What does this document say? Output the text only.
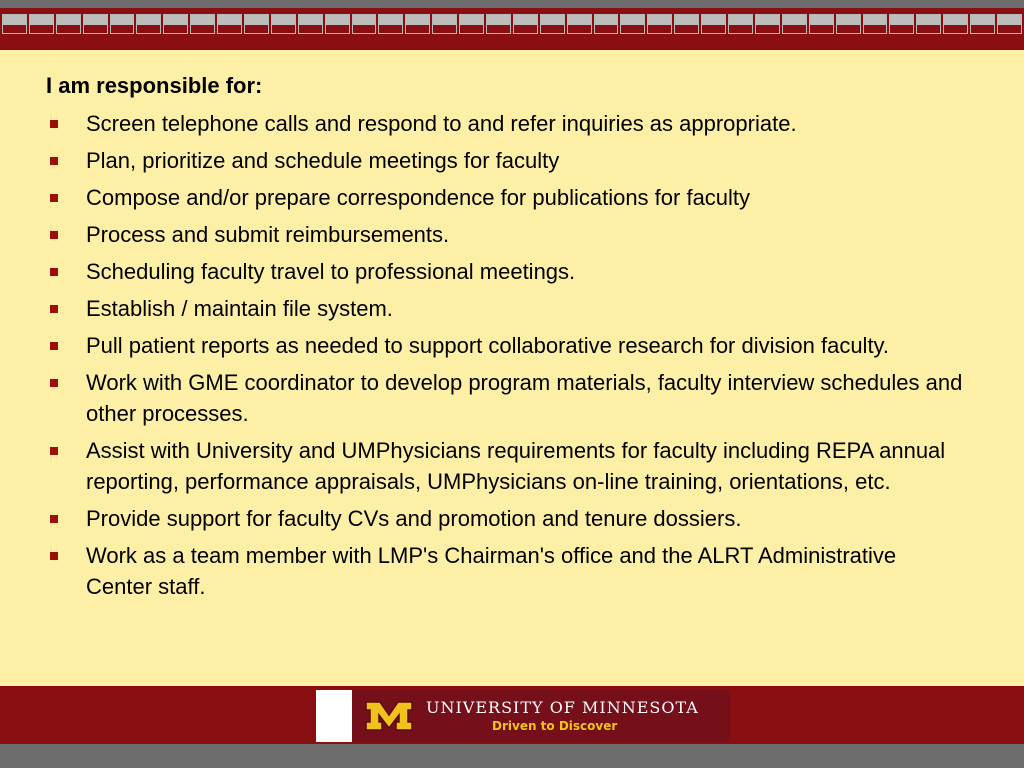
I am responsible for:
Screen telephone calls and respond to and refer inquiries as appropriate.
Plan, prioritize and schedule meetings for faculty
Compose and/or prepare correspondence for publications for faculty
Process and submit reimbursements.
Scheduling faculty travel to professional meetings.
Establish / maintain file system.
Pull patient reports as needed to support collaborative research for division faculty.
Work with GME coordinator to develop program materials, faculty interview schedules and other processes.
Assist with University and UMPhysicians requirements for faculty including REPA annual reporting, performance appraisals, UMPhysicians on-line training, orientations, etc.
Provide support for faculty CVs and promotion and tenure dossiers.
Work as a team member with LMP's Chairman's office and the ALRT Administrative Center staff.
UNIVERSITY OF MINNESOTA
Driven to Discover
